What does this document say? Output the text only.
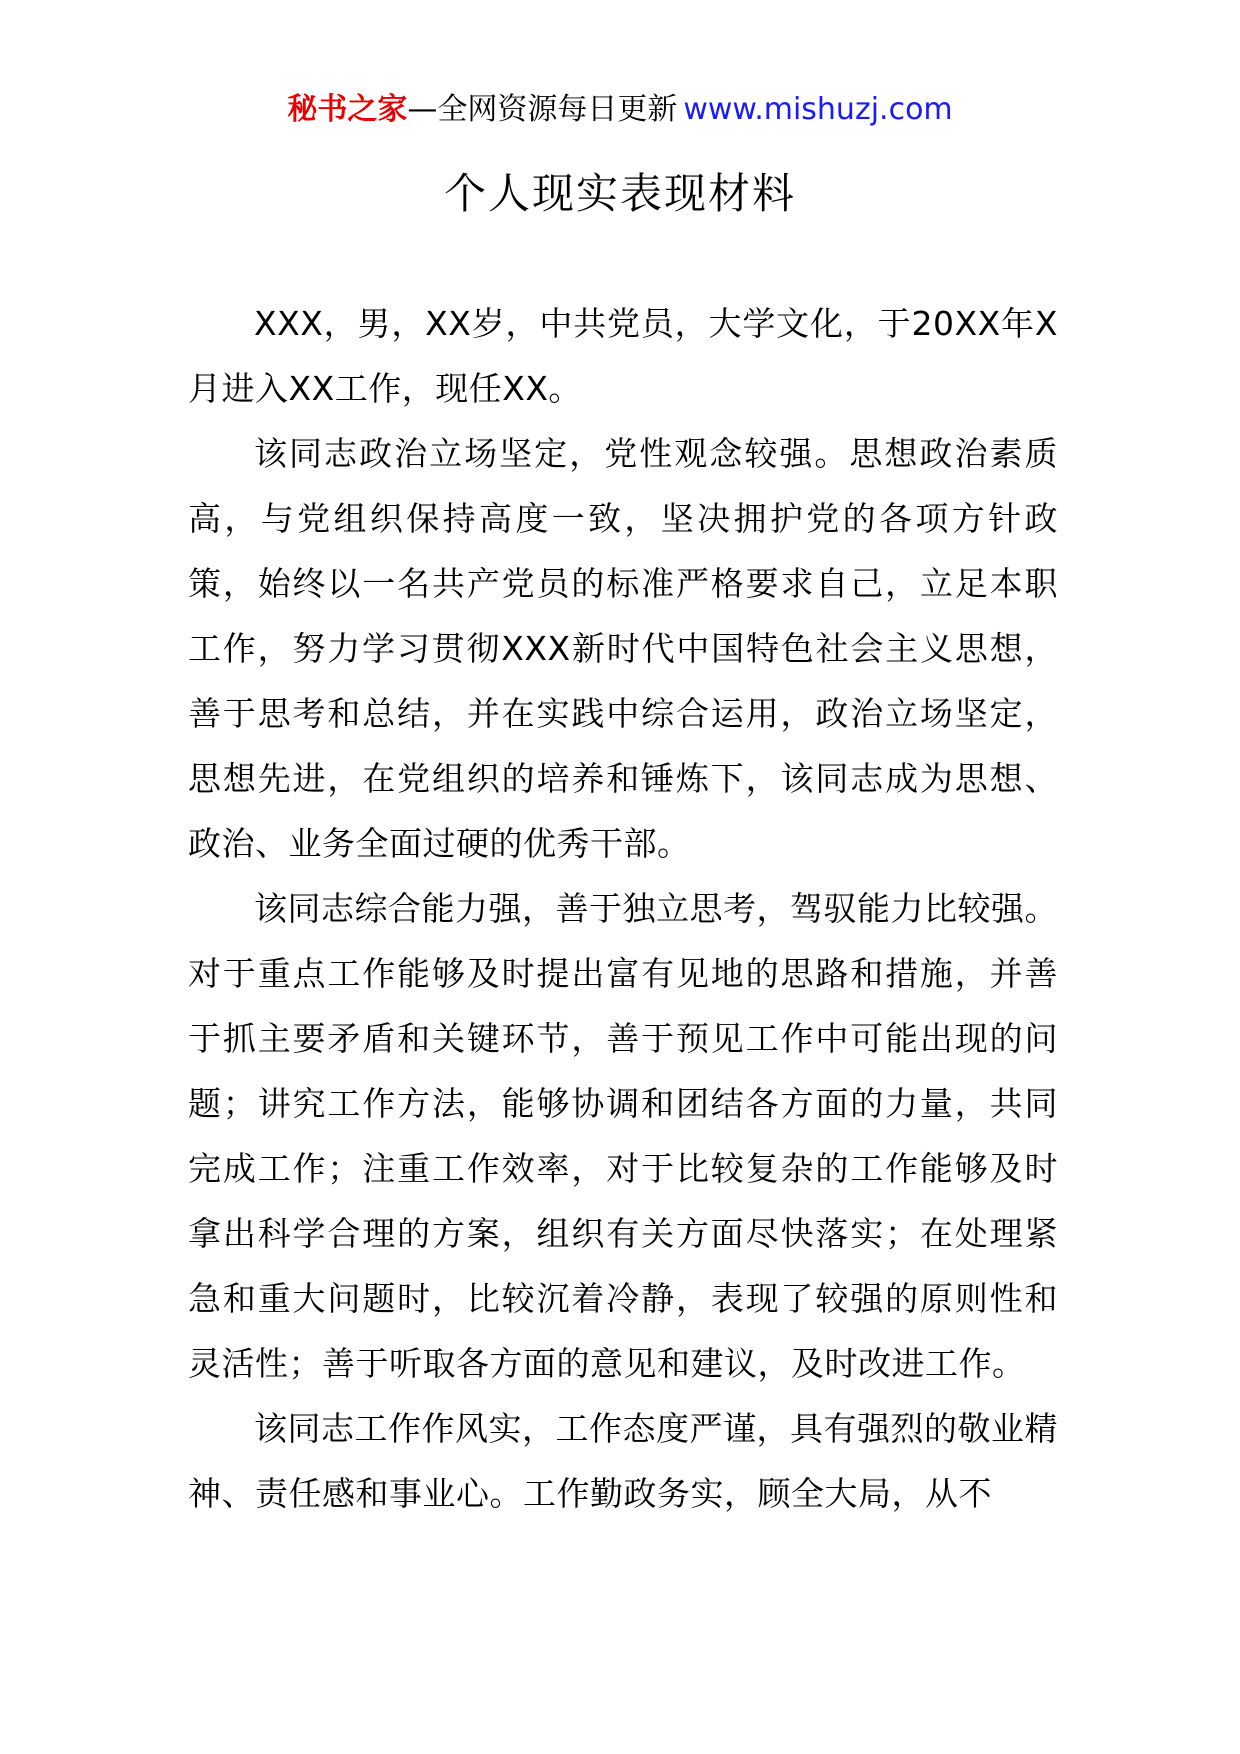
秘书之家—全网资源每日更新 www.mishuzj.com
个人现实表现材料

XXX，男，XX岁，中共党员，大学文化，于20XX年X月进入XX工作，现任XX。

该同志政治立场坚定，党性观念较强。思想政治素质高，与党组织保持高度一致，坚决拥护党的各项方针政策，始终以一名共产党员的标准严格要求自己，立足本职工作，努力学习贯彻XXX新时代中国特色社会主义思想，善于思考和总结，并在实践中综合运用，政治立场坚定，思想先进，在党组织的培养和锤炼下，该同志成为思想、政治、业务全面过硬的优秀干部。

该同志综合能力强，善于独立思考，驾驭能力比较强。对于重点工作能够及时提出富有见地的思路和措施，并善于抓主要矛盾和关键环节，善于预见工作中可能出现的问题；讲究工作方法，能够协调和团结各方面的力量，共同完成工作；注重工作效率，对于比较复杂的工作能够及时拿出科学合理的方案，组织有关方面尽快落实；在处理紧急和重大问题时，比较沉着冷静，表现了较强的原则性和灵活性；善于听取各方面的意见和建议，及时改进工作。

该同志工作作风实，工作态度严谨，具有强烈的敬业精神、责任感和事业心。工作勤政务实，顾全大局，从不
